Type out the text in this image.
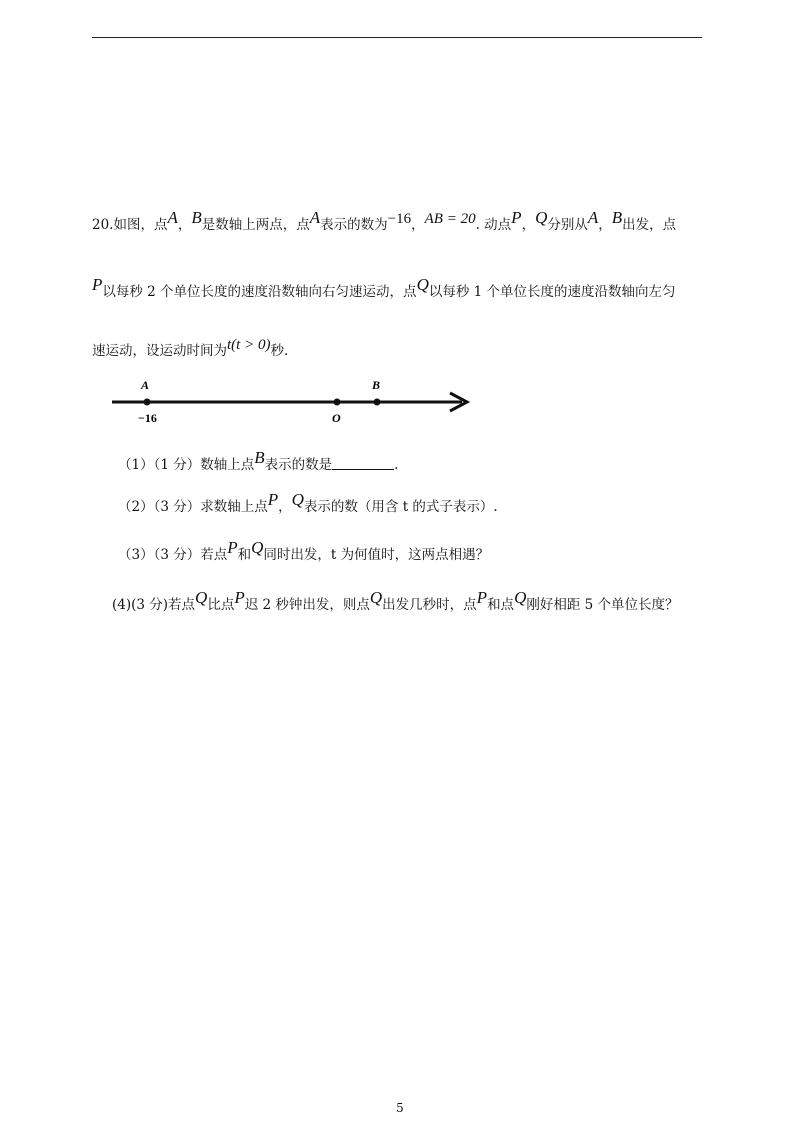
20.如图，点A，B是数轴上两点，点A表示的数为−16，AB = 20. 动点P，Q分别从A，B出发，点
P以每秒 2 个单位长度的速度沿数轴向右匀速运动，点Q以每秒 1 个单位长度的速度沿数轴向左匀
速运动，设运动时间为t(t > 0)秒.
A	B
−16	O
（1）（1 分）数轴上点B表示的数是	.
（2）（3 分）求数轴上点P，Q表示的数（用含 t 的式子表示）.
（3）（3 分）若点P和Q同时出发，t 为何值时，这两点相遇？
(4)(3 分)若点Q比点P迟 2 秒钟出发，则点Q出发几秒时，点P和点Q刚好相距 5 个单位长度？
5
